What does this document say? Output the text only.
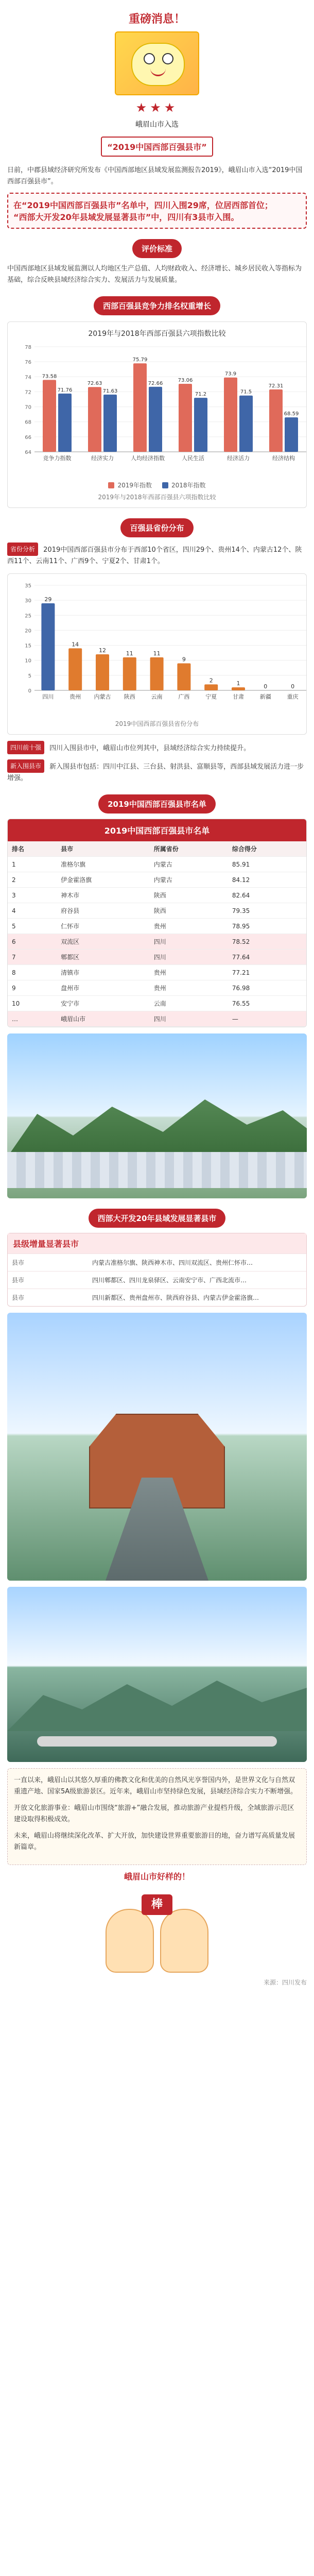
重磅消息！
★★★
峨眉山市入选
“2019中国西部百强县市”
日前，中郡县域经济研究所发布《中国西部地区县域发展监测报告2019》，峨眉山市入选“2019中国西部百强县市”。
在“2019中国西部百强县市”名单中，四川入围29席，位居西部首位；
“西部大开发20年县域发展显著县市”中，四川有3县市入围。
评价标准
中国西部地区县域发展监测以人均地区生产总值、人均财政收入、经济增长、城乡居民收入等指标为基础，综合反映县域经济综合实力、发展活力与发展质量。
西部百强县竞争力排名权重增长
2019年与2018年西部百强县六项指数比较
64
66
68
70
72
74
76
78
73.58
71.76
竞争力指数
72.63
71.63
经济实力
75.79
72.66
人均经济指数
73.06
71.2
人民生活
73.9
71.5
经济活力
72.31
68.59
经济结构
2019年指数	2018年指数
2019年与2018年西部百强县六项指数比较
百强县省份分布
省份分析 2019中国西部百强县市分布于西部10个省区，四川29个、贵州14个、内蒙古12个、陕西11个、云南11个、广西9个、宁夏2个、甘肃1个。
0
5
10
15
20
25
30
35
29
四川
14
贵州
12
内蒙古
11
陕西
11
云南
9
广西
2
宁夏
1
甘肃
0
新疆
0
重庆
2019中国西部百强县省份分布
四川前十强 四川入围县市中，峨眉山市位列其中，县域经济综合实力持续提升。
新入围县市 新入围县市包括：四川中江县、三台县、射洪县、富顺县等，西部县域发展活力进一步增强。
2019中国西部百强县市名单
2019中国西部百强县市名单
排名	县市	所属省份	综合得分
1	准格尔旗	内蒙古	85.91
2	伊金霍洛旗	内蒙古	84.12
3	神木市	陕西	82.64
4	府谷县	陕西	79.35
5	仁怀市	贵州	78.95
6	双流区	四川	78.52
7	郫都区	四川	77.64
8	清镇市	贵州	77.21
9	盘州市	贵州	76.98
10	安宁市	云南	76.55
…	峨眉山市	四川	—
西部大开发20年县域发展显著县市
县级增量显著县市
县市	内蒙古准格尔旗、陕西神木市、四川双流区、贵州仁怀市…
县市	四川郫都区、四川龙泉驿区、云南安宁市、广西北流市…
县市	四川新都区、贵州盘州市、陕西府谷县、内蒙古伊金霍洛旗…

一直以来，峨眉山以其悠久厚重的佛教文化和优美的自然风光享誉国内外，是世界文化与自然双重遗产地、国家5A级旅游景区。近年来，峨眉山市坚持绿色发展，县域经济综合实力不断增强。

开放文化旅游事业：峨眉山市围绕“旅游+”融合发展，推动旅游产业提档升级，全域旅游示范区建设取得积极成效。

未来，峨眉山将继续深化改革、扩大开放，加快建设世界重要旅游目的地，奋力谱写高质量发展新篇章。

峨眉山市好样的！
棒
来源：四川发布
